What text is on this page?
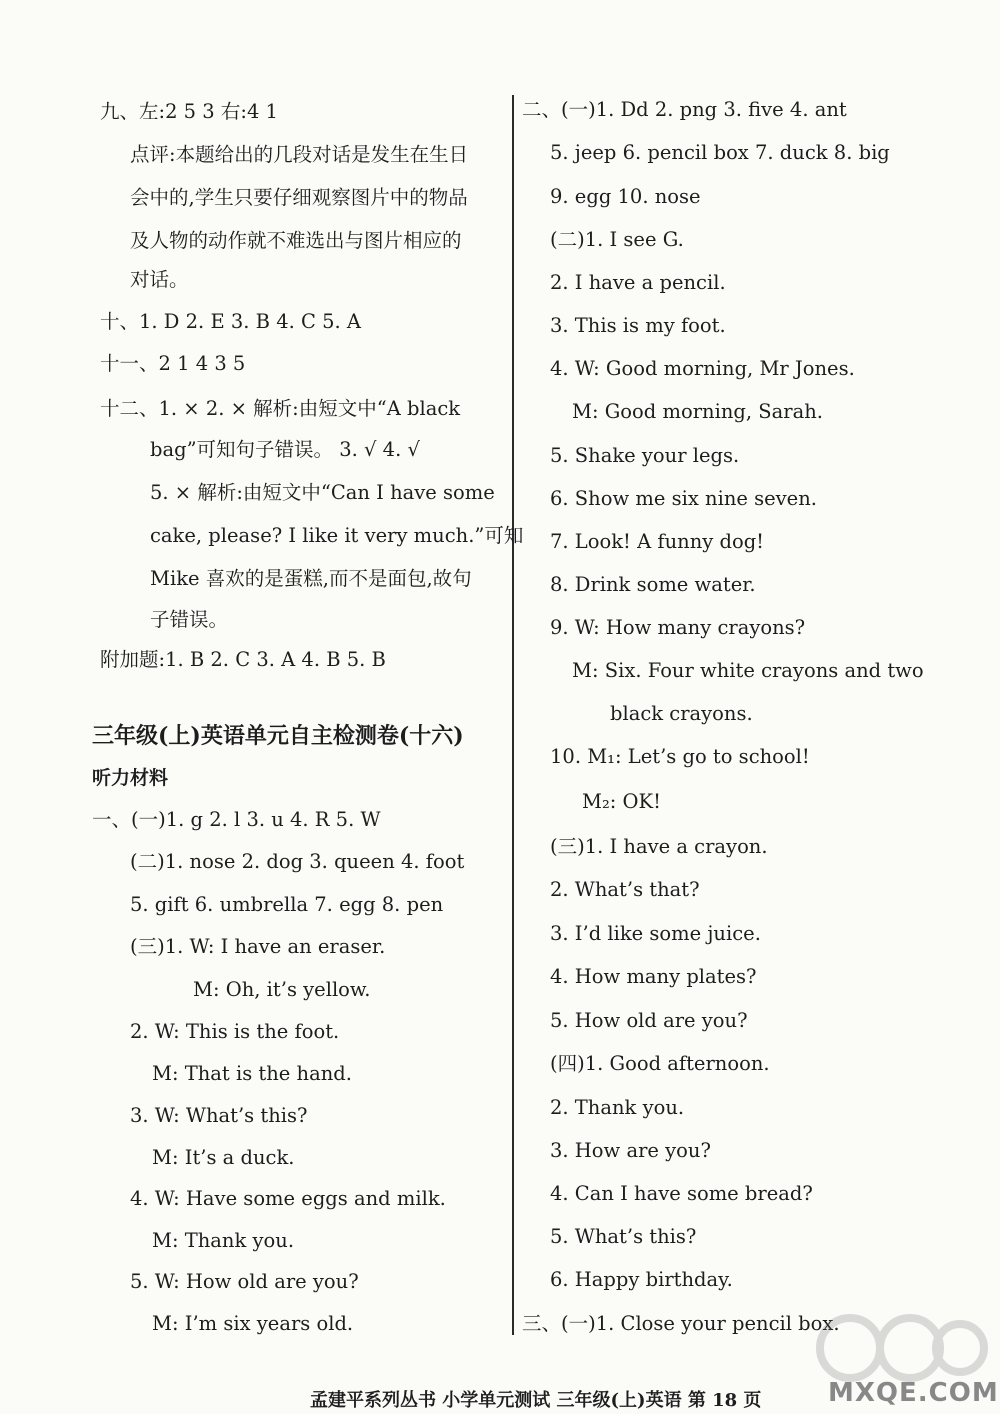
九、左:2 5 3 右:4 1
点评:本题给出的几段对话是发生在生日
会中的,学生只要仔细观察图片中的物品
及人物的动作就不难选出与图片相应的
对话。
十、1. D 2. E 3. B 4. C 5. A
十一、2 1 4 3 5
十二、1. × 2. × 解析:由短文中“A black
bag”可知句子错误。 3. √ 4. √
5. × 解析:由短文中“Can I have some
cake, please? I like it very much.”可知
Mike 喜欢的是蛋糕,而不是面包,故句
子错误。
附加题:1. B 2. C 3. A 4. B 5. B
三年级(上)英语单元自主检测卷(十六)
听力材料
一、(一)1. g 2. l 3. u 4. R 5. W
(二)1. nose 2. dog 3. queen 4. foot
5. gift 6. umbrella 7. egg 8. pen
(三)1. W: I have an eraser.
M: Oh, it’s yellow.
2. W: This is the foot.
M: That is the hand.
3. W: What’s this?
M: It’s a duck.
4. W: Have some eggs and milk.
M: Thank you.
5. W: How old are you?
M: I’m six years old.
二、(一)1. Dd 2. png 3. five 4. ant
5. jeep 6. pencil box 7. duck 8. big
9. egg 10. nose
(二)1. I see G.
2. I have a pencil.
3. This is my foot.
4. W: Good morning, Mr Jones.
M: Good morning, Sarah.
5. Shake your legs.
6. Show me six nine seven.
7. Look! A funny dog!
8. Drink some water.
9. W: How many crayons?
M: Six. Four white crayons and two
black crayons.
10. M₁: Let’s go to school!
M₂: OK!
(三)1. I have a crayon.
2. What’s that?
3. I’d like some juice.
4. How many plates?
5. How old are you?
(四)1. Good afternoon.
2. Thank you.
3. How are you?
4. Can I have some bread?
5. What’s this?
6. Happy birthday.
三、(一)1. Close your pencil box.
孟建平系列丛书 小学单元测试 三年级(上)英语 第 18 页	MXQE.COM
